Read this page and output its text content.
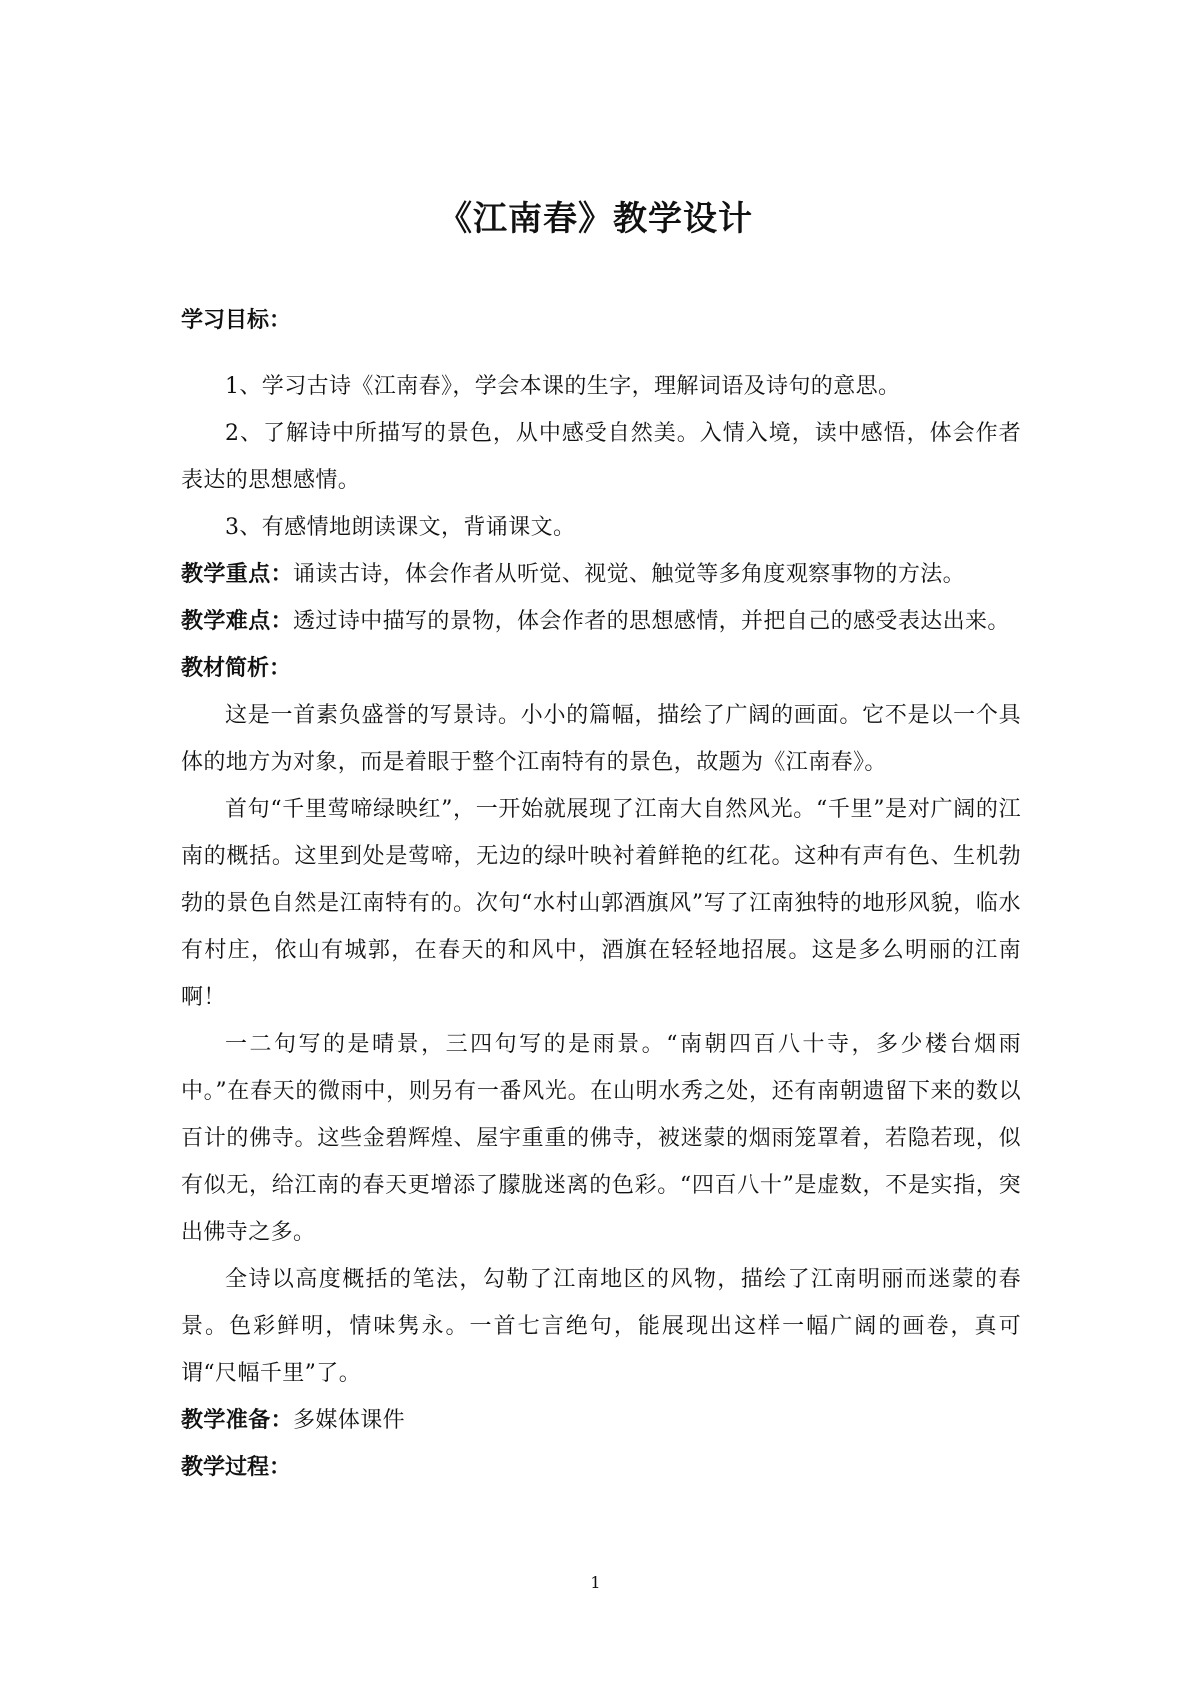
《江南春》教学设计
学习目标：

1、学习古诗《江南春》，学会本课的生字，理解词语及诗句的意思。

2、了解诗中所描写的景色，从中感受自然美。入情入境，读中感悟，体会作者表达的思想感情。

3、有感情地朗读课文，背诵课文。

教学重点：诵读古诗，体会作者从听觉、视觉、触觉等多角度观察事物的方法。

教学难点：透过诗中描写的景物，体会作者的思想感情，并把自己的感受表达出来。

教材简析：

这是一首素负盛誉的写景诗。小小的篇幅，描绘了广阔的画面。它不是以一个具体的地方为对象，而是着眼于整个江南特有的景色，故题为《江南春》。

首句“千里莺啼绿映红”，一开始就展现了江南大自然风光。“千里”是对广阔的江南的概括。这里到处是莺啼，无边的绿叶映衬着鲜艳的红花。这种有声有色、生机勃勃的景色自然是江南特有的。次句“水村山郭酒旗风”写了江南独特的地形风貌，临水有村庄，依山有城郭，在春天的和风中，酒旗在轻轻地招展。这是多么明丽的江南啊！

一二句写的是晴景，三四句写的是雨景。“南朝四百八十寺，多少楼台烟雨中。”在春天的微雨中，则另有一番风光。在山明水秀之处，还有南朝遗留下来的数以百计的佛寺。这些金碧辉煌、屋宇重重的佛寺，被迷蒙的烟雨笼罩着，若隐若现，似有似无，给江南的春天更增添了朦胧迷离的色彩。“四百八十”是虚数，不是实指，突出佛寺之多。

全诗以高度概括的笔法，勾勒了江南地区的风物，描绘了江南明丽而迷蒙的春景。色彩鲜明，情味隽永。一首七言绝句，能展现出这样一幅广阔的画卷，真可谓“尺幅千里”了。

教学准备：多媒体课件

教学过程：
1
